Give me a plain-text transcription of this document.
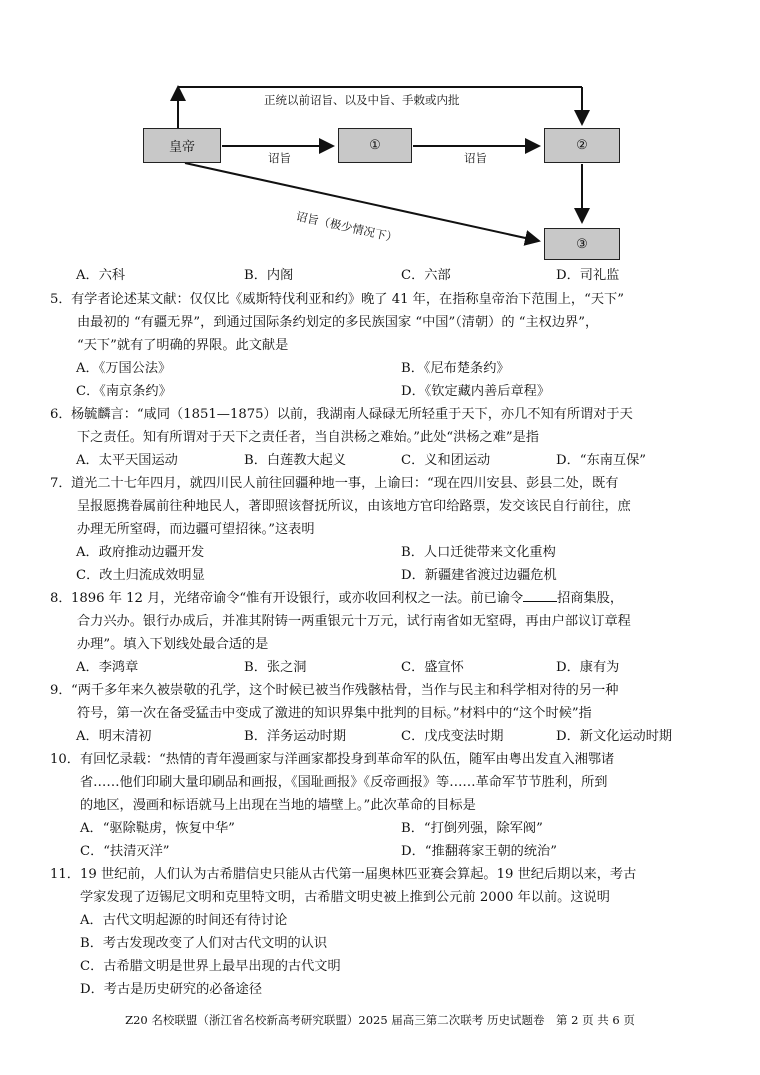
皇帝	①	②
③
正统以前诏旨、以及中旨、手敕或内批
诏旨	诏旨
诏旨（极少情况下）
A．六科	B．内阁	C．六部	D．司礼监
5． 有学者论述某文献：仅仅比《威斯特伐利亚和约》晚了 41 年，在指称皇帝治下范围上，“天下”
由最初的 “有疆无界”，到通过国际条约划定的多民族国家 “中国”（清朝）的 “主权边界”，
“天下”就有了明确的界限。此文献是
A．《万国公法》	B．《尼布楚条约》
C．《南京条约》	D．《钦定藏内善后章程》
6． 杨毓麟言：“咸同（1851—1875）以前，我湖南人碌碌无所轻重于天下，亦几不知有所谓对于天
下之责任。知有所谓对于天下之责任者，当自洪杨之难始。”此处“洪杨之难”是指
A．太平天国运动	B．白莲教大起义	C．义和团运动	D．“东南互保”
7． 道光二十七年四月，就四川民人前往回疆种地一事，上谕曰：“现在四川安县、彭县二处，既有
呈报愿携眷属前往种地民人，著即照该督抚所议，由该地方官印给路票，发交该民自行前往，庶
办理无所窒碍，而边疆可望招徕。”这表明
A．政府推动边疆开发	B．人口迁徙带来文化重构
C．改土归流成效明显	D．新疆建省渡过边疆危机
8． 1896 年 12 月，光绪帝谕令“惟有开设银行，或亦收回利权之一法。前已谕令	招商集股，
合力兴办。银行办成后，并准其附铸一两重银元十万元，试行南省如无窒碍，再由户部议订章程
办理”。填入下划线处最合适的是
A．李鸿章	B．张之洞	C．盛宣怀	D．康有为
9． “两千多年来久被崇敬的孔学，这个时候已被当作残骸枯骨，当作与民主和科学相对待的另一种
符号，第一次在备受猛击中变成了激进的知识界集中批判的目标。”材料中的“这个时候”指
A．明末清初	B．洋务运动时期	C．戊戌变法时期	D．新文化运动时期
10． 有回忆录载：“热情的青年漫画家与洋画家都投身到革命军的队伍，随军由粤出发直入湘鄂诸
省……他们印刷大量印刷品和画报，《国耻画报》《反帝画报》等……革命军节节胜利，所到
的地区，漫画和标语就马上出现在当地的墙壁上。”此次革命的目标是
A．“驱除鞑虏，恢复中华”	B．“打倒列强，除军阀”
C．“扶清灭洋”	D．“推翻蒋家王朝的统治”
11． 19 世纪前，人们认为古希腊信史只能从古代第一届奥林匹亚赛会算起。19 世纪后期以来，考古
学家发现了迈锡尼文明和克里特文明，古希腊文明史被上推到公元前 2000 年以前。这说明
A．古代文明起源的时间还有待讨论
B．考古发现改变了人们对古代文明的认识
C．古希腊文明是世界上最早出现的古代文明
D．考古是历史研究的必备途径
Z20 名校联盟（浙江省名校新高考研究联盟）2025 届高三第二次联考 历史试题卷　第 2 页 共 6 页
